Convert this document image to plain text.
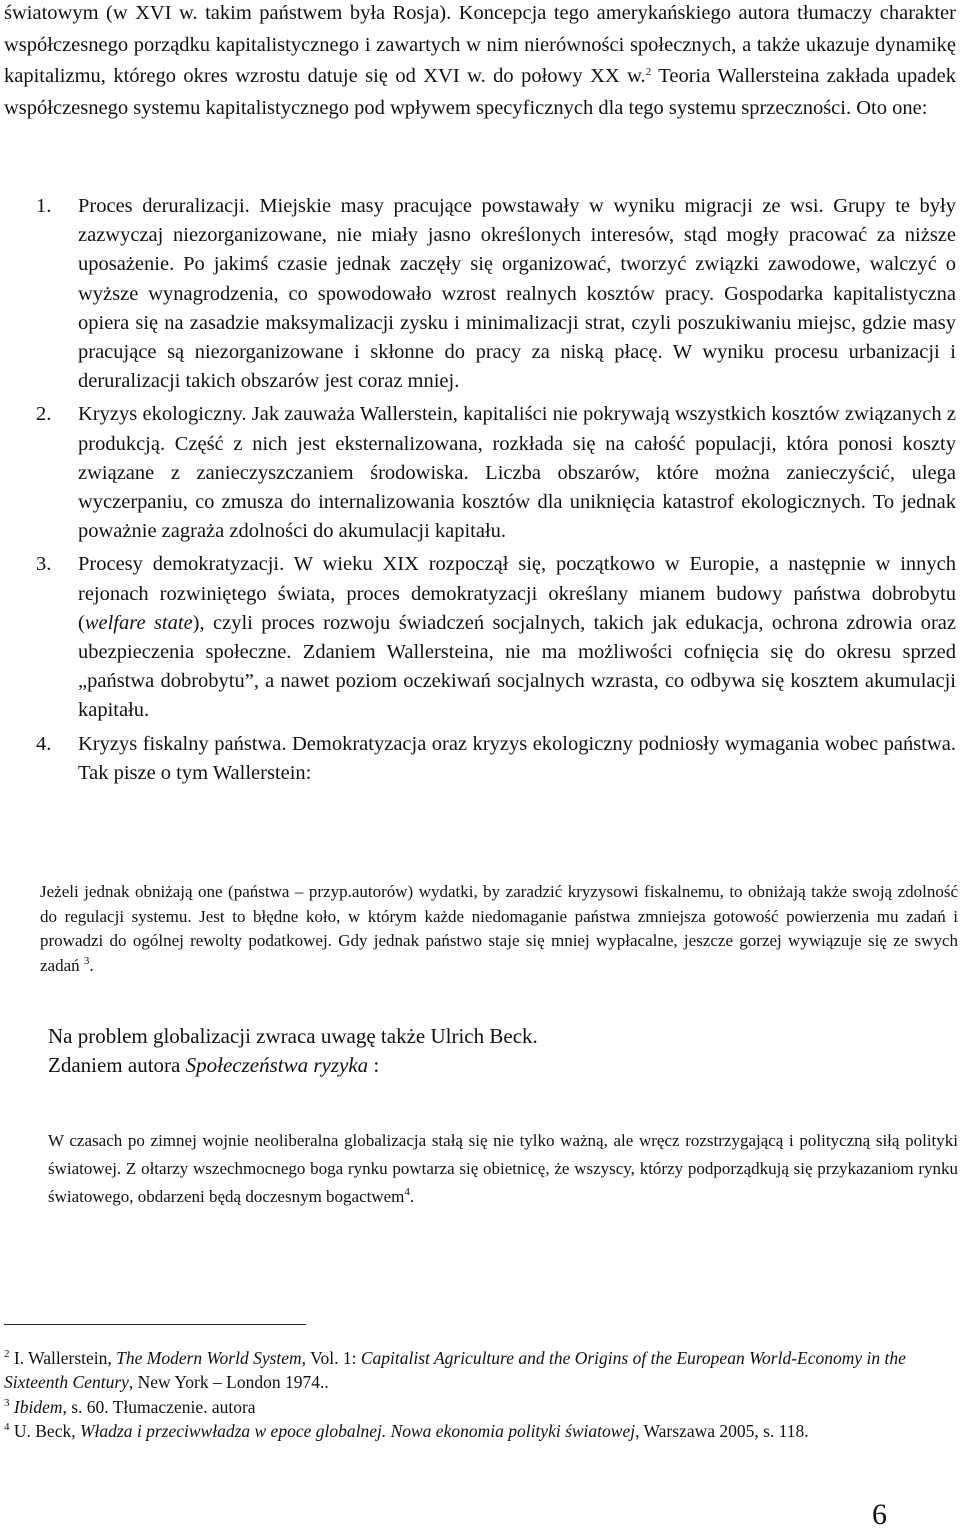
światowym (w XVI w. takim państwem była Rosja). Koncepcja tego amerykańskiego autora tłumaczy charakter współczesnego porządku kapitalistycznego i zawartych w nim nierówności społecznych, a także ukazuje dynamikę kapitalizmu, którego okres wzrostu datuje się od XVI w. do połowy XX w.$^2$ Teoria Wallersteina zakłada upadek współczesnego systemu kapitalistycznego pod wpływem specyficznych dla tego systemu sprzeczności. Oto one:

1. Proces deruralizacji. Miejskie masy pracujące powstawały w wyniku migracji ze wsi. Grupy te były zazwyczaj niezorganizowane, nie miały jasno określonych interesów, stąd mogły pracować za niższe uposażenie. Po jakimś czasie jednak zaczęły się organizować, tworzyć związki zawodowe, walczyć o wyższe wynagrodzenia, co spowodowało wzrost realnych kosztów pracy. Gospodarka kapitalistyczna opiera się na zasadzie maksymalizacji zysku i minimalizacji strat, czyli poszukiwaniu miejsc, gdzie masy pracujące są niezorganizowane i skłonne do pracy za niską płacę. W wyniku procesu urbanizacji i deruralizacji takich obszarów jest coraz mniej.
2. Kryzys ekologiczny. Jak zauważa Wallerstein, kapitaliści nie pokrywają wszystkich kosztów związanych z produkcją. Część z nich jest eksternalizowana, rozkłada się na całość populacji, która ponosi koszty związane z zanieczyszczaniem środowiska. Liczba obszarów, które można zanieczyścić, ulega wyczerpaniu, co zmusza do internalizowania kosztów dla uniknięcia katastrof ekologicznych. To jednak poważnie zagraża zdolności do akumulacji kapitału.
3. Procesy demokratyzacji. W wieku XIX rozpoczął się, początkowo w Europie, a następnie w innych rejonach rozwiniętego świata, proces demokratyzacji określany mianem budowy państwa dobrobytu (welfare state), czyli proces rozwoju świadczeń socjalnych, takich jak edukacja, ochrona zdrowia oraz ubezpieczenia społeczne. Zdaniem Wallersteina, nie ma możliwości cofnięcia się do okresu sprzed „państwa dobrobytu”, a nawet poziom oczekiwań socjalnych wzrasta, co odbywa się kosztem akumulacji kapitału.
4. Kryzys fiskalny państwa. Demokratyzacja oraz kryzys ekologiczny podniosły wymagania wobec państwa. Tak pisze o tym Wallerstein:

Jeżeli jednak obniżają one (państwa – przyp.autorów) wydatki, by zaradzić kryzysowi fiskalnemu, to obniżają także swoją zdolność do regulacji systemu. Jest to błędne koło, w którym każde niedomaganie państwa zmniejsza gotowość powierzenia mu zadań i prowadzi do ogólnej rewolty podatkowej. Gdy jednak państwo staje się mniej wypłacalne, jeszcze gorzej wywiązuje się ze swych zadań $^3$.

Na problem globalizacji zwraca uwagę także Ulrich Beck.
Zdaniem autora Społeczeństwa ryzyka :

W czasach po zimnej wojnie neoliberalna globalizacja stałą się nie tylko ważną, ale wręcz rozstrzygającą i polityczną siłą polityki światowej. Z ołtarzy wszechmocnego boga rynku powtarza się obietnicę, że wszyscy, którzy podporządkują się przykazaniom rynku światowego, obdarzeni będą doczesnym bogactwem$^4$.

$^2$ I. Wallerstein, The Modern World System, Vol. 1: Capitalist Agriculture and the Origins of the European World-Economy in the Sixteenth Century, New York – London 1974..

$^3$ Ibidem, s. 60. Tłumaczenie. autora

$^4$ U. Beck, Władza i przeciwwładza w epoce globalnej. Nowa ekonomia polityki światowej, Warszawa 2005, s. 118.

6
